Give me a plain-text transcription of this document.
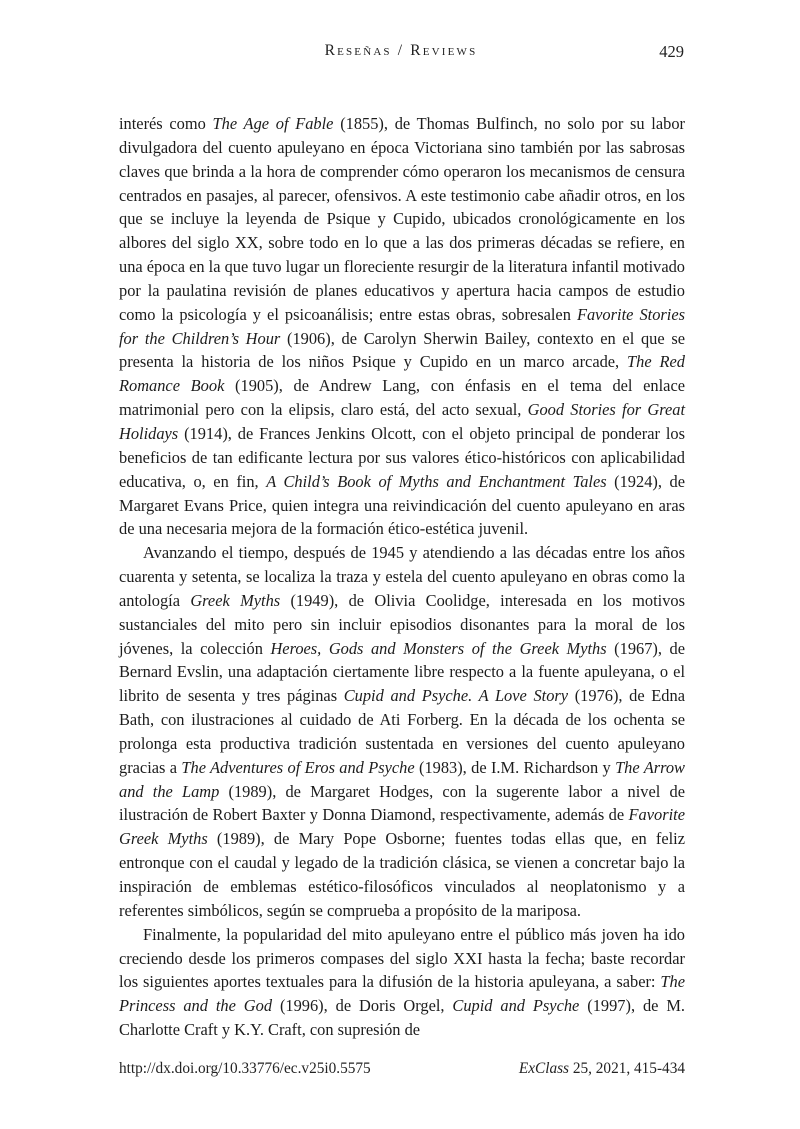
Reseñas / Reviews	429

interés como The Age of Fable (1855), de Thomas Bulfinch, no solo por su labor divulgadora del cuento apuleyano en época Victoriana sino también por las sabrosas claves que brinda a la hora de comprender cómo operaron los mecanismos de censura centrados en pasajes, al parecer, ofensivos. A este testimonio cabe añadir otros, en los que se incluye la leyenda de Psique y Cupido, ubicados cronológicamente en los albores del siglo XX, sobre todo en lo que a las dos primeras décadas se refiere, en una época en la que tuvo lugar un floreciente resurgir de la literatura infantil motivado por la paulatina revisión de planes educativos y apertura hacia campos de estudio como la psicología y el psicoanálisis; entre estas obras, sobresalen Favorite Stories for the Children’s Hour (1906), de Carolyn Sherwin Bailey, contexto en el que se presenta la historia de los niños Psique y Cupido en un marco arcade, The Red Romance Book (1905), de Andrew Lang, con énfasis en el tema del enlace matrimonial pero con la elipsis, claro está, del acto sexual, Good Stories for Great Holidays (1914), de Frances Jenkins Olcott, con el objeto principal de ponderar los beneficios de tan edificante lectura por sus valores ético-históricos con aplicabilidad educativa, o, en fin, A Child’s Book of Myths and Enchantment Tales (1924), de Margaret Evans Price, quien integra una reivindicación del cuento apuleyano en aras de una necesaria mejora de la formación ético-estética juvenil.

Avanzando el tiempo, después de 1945 y atendiendo a las décadas entre los años cuarenta y setenta, se localiza la traza y estela del cuento apuleyano en obras como la antología Greek Myths (1949), de Olivia Coolidge, interesada en los motivos sustanciales del mito pero sin incluir episodios disonantes para la moral de los jóvenes, la colección Heroes, Gods and Monsters of the Greek Myths (1967), de Bernard Evslin, una adaptación ciertamente libre respecto a la fuente apuleyana, o el librito de sesenta y tres páginas Cupid and Psyche. A Love Story (1976), de Edna Bath, con ilustraciones al cuidado de Ati Forberg. En la década de los ochenta se prolonga esta productiva tradición sustentada en versiones del cuento apuleyano gracias a The Adventures of Eros and Psyche (1983), de I.M. Richardson y The Arrow and the Lamp (1989), de Margaret Hodges, con la sugerente labor a nivel de ilustración de Robert Baxter y Donna Diamond, respectivamente, además de Favorite Greek Myths (1989), de Mary Pope Osborne; fuentes todas ellas que, en feliz entronque con el caudal y legado de la tradición clásica, se vienen a concretar bajo la inspiración de emblemas estético-filosóficos vinculados al neoplatonismo y a referentes simbólicos, según se comprueba a propósito de la mariposa.

Finalmente, la popularidad del mito apuleyano entre el público más joven ha ido creciendo desde los primeros compases del siglo XXI hasta la fecha; baste recordar los siguientes aportes textuales para la difusión de la historia apuleyana, a saber: The Princess and the God (1996), de Doris Orgel, Cupid and Psyche (1997), de M. Charlotte Craft y K.Y. Craft, con supresión de

http://dx.doi.org/10.33776/ec.v25i0.5575	ExClass 25, 2021, 415-434
